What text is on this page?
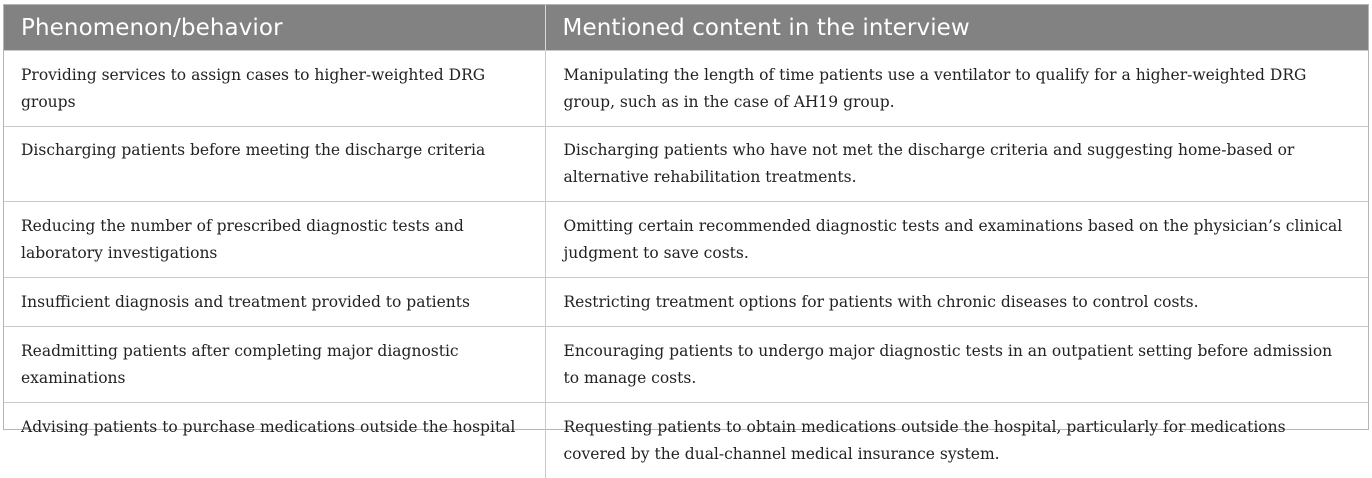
Phenomenon/behavior	Mentioned content in the interview
Providing services to assign cases to higher-weighted DRG groups	Manipulating the length of time patients use a ventilator to qualify for a higher-weighted DRG group, such as in the case of AH19 group.
Discharging patients before meeting the discharge criteria	Discharging patients who have not met the discharge criteria and suggesting home-based or alternative rehabilitation treatments.
Reducing the number of prescribed diagnostic tests and laboratory investigations	Omitting certain recommended diagnostic tests and examinations based on the physician’s clinical judgment to save costs.
Insufficient diagnosis and treatment provided to patients	Restricting treatment options for patients with chronic diseases to control costs.
Readmitting patients after completing major diagnostic examinations	Encouraging patients to undergo major diagnostic tests in an outpatient setting before admission to manage costs.
Advising patients to purchase medications outside the hospital	Requesting patients to obtain medications outside the hospital, particularly for medications covered by the dual-channel medical insurance system.
